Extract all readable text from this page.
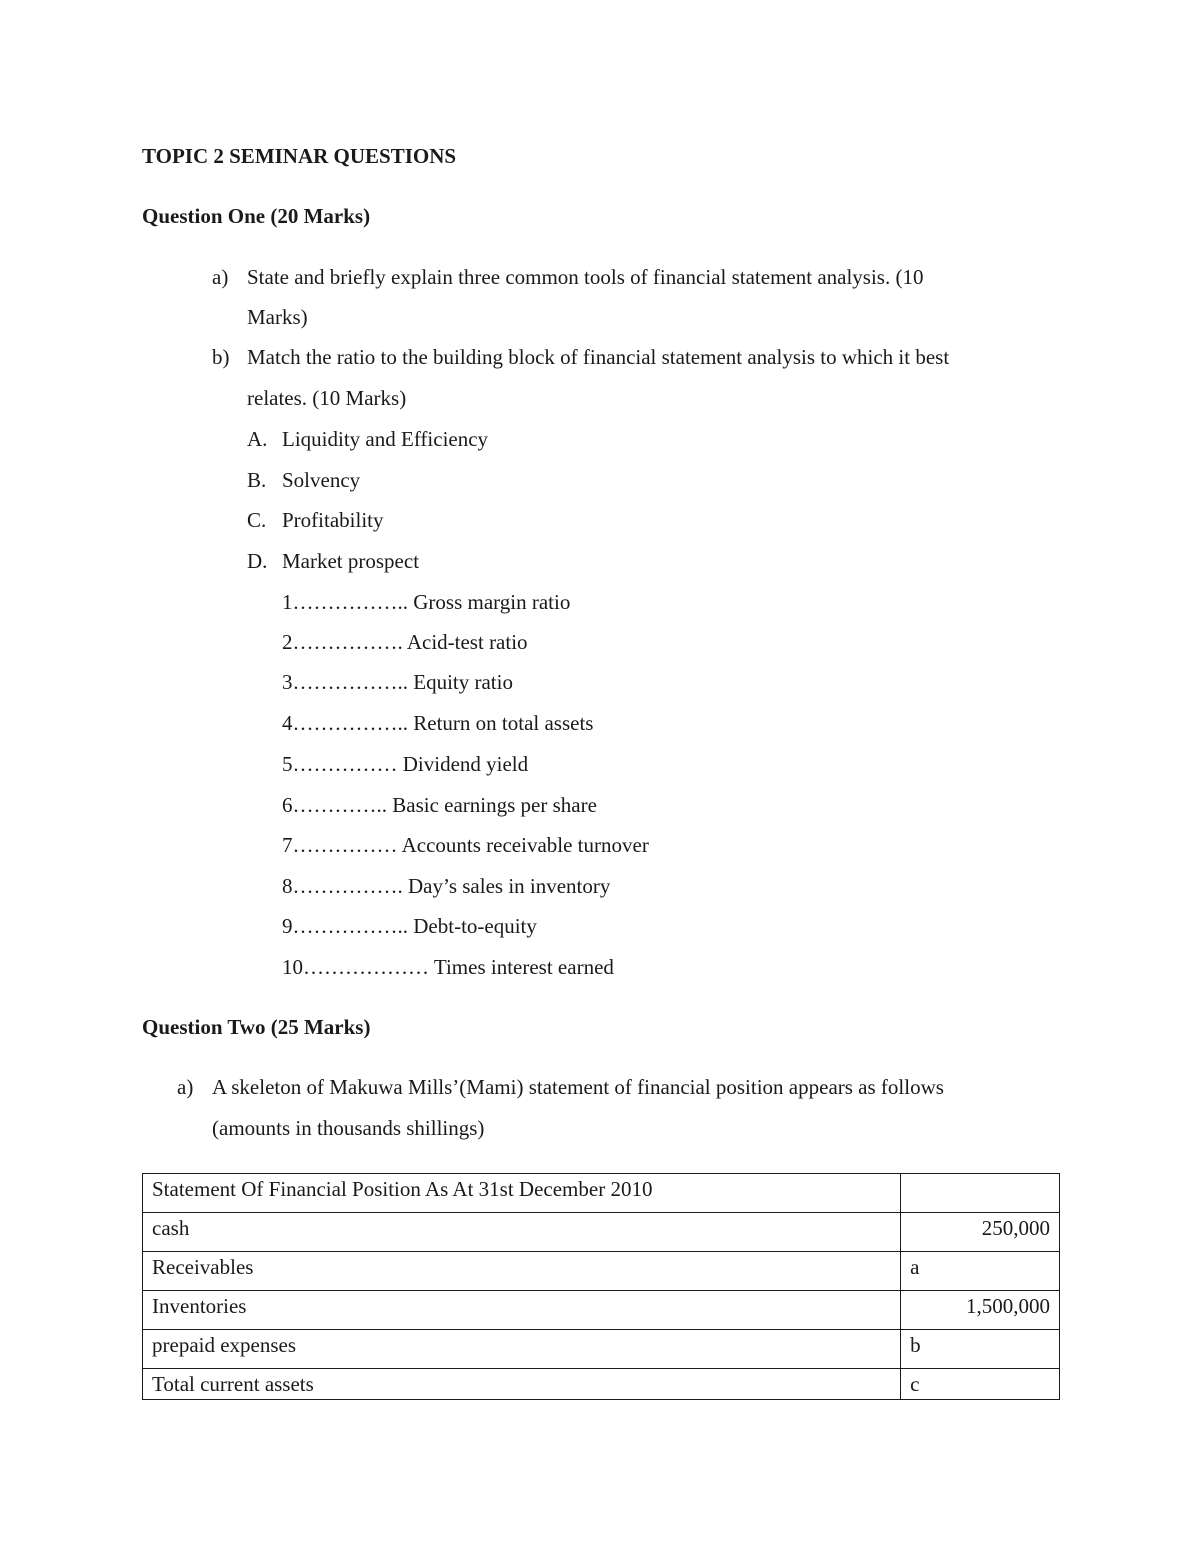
TOPIC 2 SEMINAR QUESTIONS
Question One (20 Marks)
a) State and briefly explain three common tools of financial statement analysis. (10
Marks)
b) Match the ratio to the building block of financial statement analysis to which it best
relates. (10 Marks)
A. Liquidity and Efficiency
B. Solvency
C. Profitability
D. Market prospect
1…………….. Gross margin ratio
2……………. Acid-test ratio
3…………….. Equity ratio
4…………….. Return on total assets
5…………… Dividend yield
6………….. Basic earnings per share
7…………… Accounts receivable turnover
8……………. Day’s sales in inventory
9…………….. Debt-to-equity
10……………… Times interest earned
Question Two (25 Marks)
a) A skeleton of Makuwa Mills’(Mami) statement of financial position appears as follows
(amounts in thousands shillings)
Statement Of Financial Position As At 31st December 2010	
cash	250,000
Receivables	a
Inventories	1,500,000
prepaid expenses	b
Total current assets	c
